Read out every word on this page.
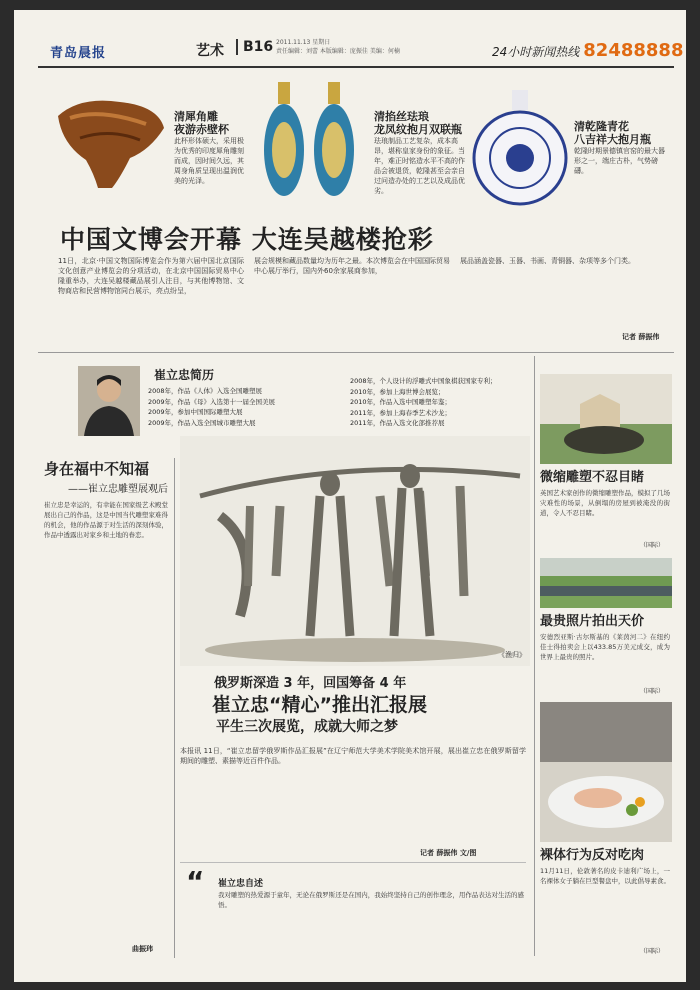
青岛晨报	艺术	B16 2011.11.13 星期日
责任编辑：刘蕾 本版编辑：庞振佳 美编：何楠	24小时新闻热线 82488888
清犀角雕
夜游赤壁杯
此杯形体硕大，采用极为优秀的印度犀角雕刻而成，因时间久远，其周身角质呈现出温润优美的光泽。
清掐丝珐琅
龙凤纹抱月双联瓶
珐琅制品工艺复杂，成本高昂，堪称皇家身份的象征。当年，难正时铭造水平不高的作品会被退货，乾隆甚至会亲自过问造办处的工艺以及成品优劣。
清乾隆青花
八吉祥大抱月瓶
乾隆时期景德镇官窑的最大器形之一，端庄古朴，气势磅礴。
中国文博会开幕 大连吴越楼抢彩
11日，北京·中国文物国际博览会作为第六届中国北京国际文化创意产业博览会的分项活动，在北京中国国际贸易中心隆重举办，大连吴越楼藏品展引人注目，与其他博物馆、文物商店和民营博物馆同台展示，亮点纷呈，
展会规模和藏品数量均为历年之最。本次博览会在中国国际贸易中心展厅举行，国内外60余家展商参加，
展品涵盖瓷器、玉器、书画、青铜器、杂项等多个门类。
记者 薛振伟
崔立忠简历
2008年，作品《人体》入选全国雕塑展
2009年，作品《母》入选第十一届全国美展
2009年，参加中国国际雕塑大展
2009年，作品入选全国城市雕塑大展
2008年，个人设计的浮雕式中国象棋获国家专利；
2010年，参加上海世博会展览；
2010年，作品入选中国雕塑年鉴；
2011年，参加上海春季艺术沙龙；
2011年，作品入选文化部推荐展
身在福中不知福
——崔立忠雕塑展观后
崔立忠是幸运的，有幸能在国家级艺术殿堂展出自己的作品，这是中国当代雕塑家难得的机会，他的作品源于对生活的深刻体验，作品中透露出对家乡和土地的眷恋。
曲振玮
《渔归》
俄罗斯深造 3 年，回国筹备 4 年
崔立忠“精心”推出汇报展
平生三次展览，成就大师之梦
本报讯 11日，“崔立忠留学俄罗斯作品汇报展”在辽宁师范大学美术学院美术馆开展，展出崔立忠在俄罗斯留学期间的雕塑、素描等近百件作品。
记者 薛振伟 文/图
“ 崔立忠自述
我对雕塑的热爱源于童年，无论在俄罗斯还是在国内，我始终坚持自己的创作理念，用作品表达对生活的感悟。
微缩雕塑不忍目睹
英国艺术家创作的微缩雕塑作品，模拟了几场灾难性的场景，从倒塌的房屋到被淹没的街道，令人不忍目睹。
（国际）
最贵照片拍出天价
安德烈亚斯·古尔斯基的《莱茵河二》在纽约佳士得拍卖会上以433.85万美元成交，成为世界上最贵的照片。
（国际）
裸体行为反对吃肉
11月11日，伦敦著名的皮卡迪利广场上，一名裸体女子躺在巨型餐盘中，以此倡导素食。
（国际）
